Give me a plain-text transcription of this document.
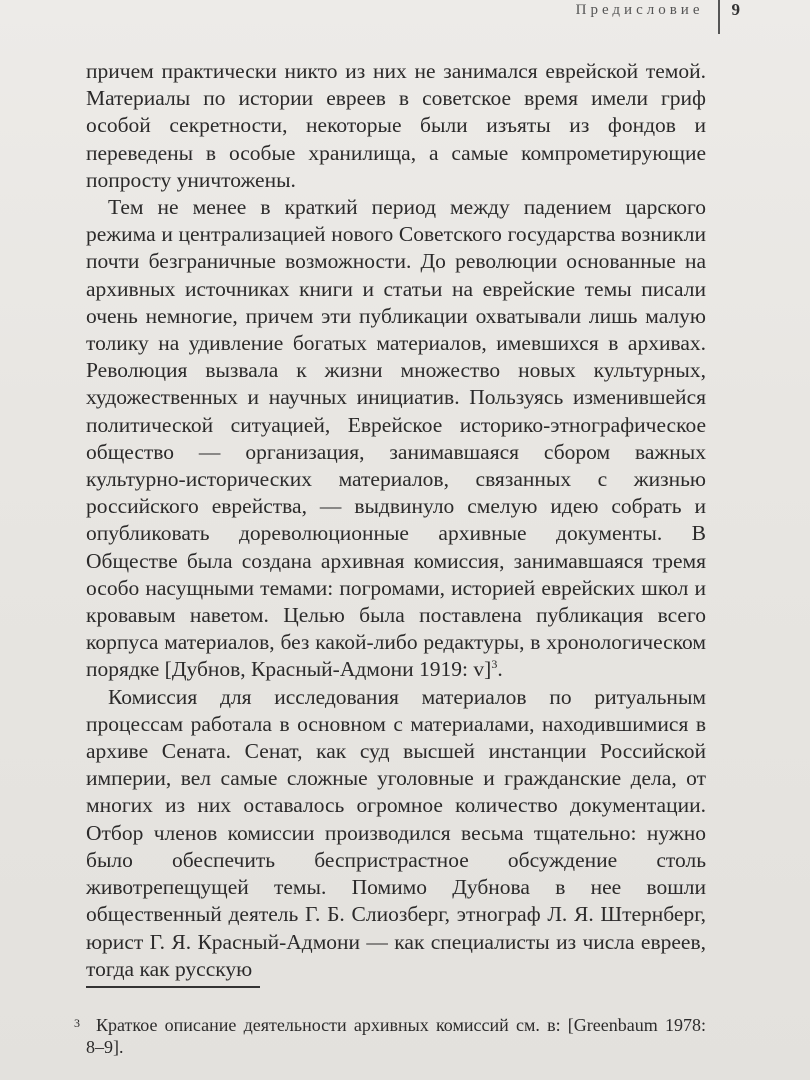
Предисловие 9

причем практически никто из них не занимался еврейской темой. Материалы по истории евреев в советское время имели гриф особой секретности, некоторые были изъяты из фондов и переведены в особые хранилища, а самые компрометирующие попросту уничтожены.

Тем не менее в краткий период между падением царского режима и централизацией нового Советского государства возникли почти безграничные возможности. До революции основанные на архивных источниках книги и статьи на еврейские темы писали очень немногие, причем эти публикации охватывали лишь малую толику на удивление богатых материалов, имевшихся в архивах. Революция вызвала к жизни множество новых культурных, художественных и научных инициатив. Пользуясь изменившейся политической ситуацией, Еврейское историко-этнографическое общество — организация, занимавшаяся сбором важных культурно-исторических материалов, связанных с жизнью российского еврейства, — выдвинуло смелую идею собрать и опубликовать дореволюционные архивные документы. В Обществе была создана архивная комиссия, занимавшаяся тремя особо насущными темами: погромами, историей еврейских школ и кровавым наветом. Целью была поставлена публикация всего корпуса материалов, без какой-либо редактуры, в хронологическом порядке [Дубнов, Красный-Адмони 1919: v]$^3$.

Комиссия для исследования материалов по ритуальным процессам работала в основном с материалами, находившимися в архиве Сената. Сенат, как суд высшей инстанции Российской империи, вел самые сложные уголовные и гражданские дела, от многих из них оставалось огромное количество документации. Отбор членов комиссии производился весьма тщательно: нужно было обеспечить беспристрастное обсуждение столь животрепещущей темы. Помимо Дубнова в нее вошли общественный деятель Г. Б. Слиозберг, этнограф Л. Я. Штернберг, юрист Г. Я. Красный-Адмони — как специалисты из числа евреев, тогда как русскую

3 Краткое описание деятельности архивных комиссий см. в: [Greenbaum 1978: 8–9].
